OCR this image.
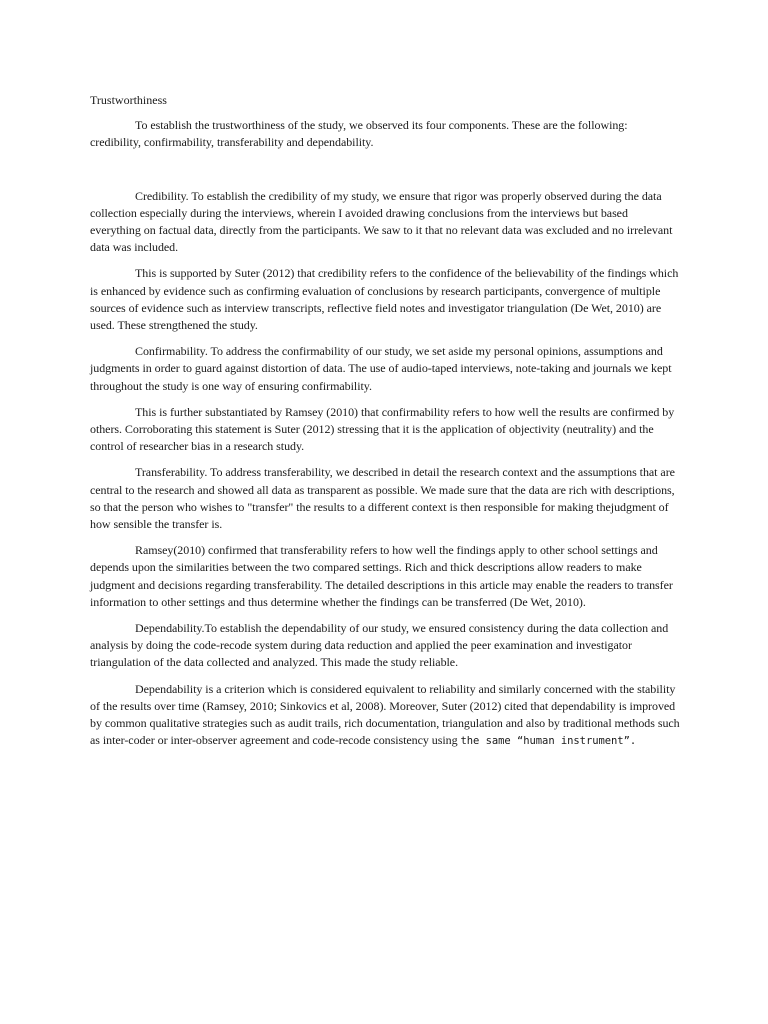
Trustworthiness

To establish the trustworthiness of the study, we observed its four components. These are the following: credibility, confirmability, transferability and dependability.

Credibility. To establish the credibility of my study, we ensure that rigor was properly observed during the data collection especially during the interviews, wherein I avoided drawing conclusions from the interviews but based everything on factual data, directly from the participants. We saw to it that no relevant data was excluded and no irrelevant data was included.

This is supported by Suter (2012) that credibility refers to the confidence of the believability of the findings which is enhanced by evidence such as confirming evaluation of conclusions by research participants, convergence of multiple sources of evidence such as interview transcripts, reflective field notes and investigator triangulation (De Wet, 2010) are used. These strengthened the study.

Confirmability. To address the confirmability of our study, we set aside my personal opinions, assumptions and judgments in order to guard against distortion of data. The use of audio-taped interviews, note-taking and journals we kept throughout the study is one way of ensuring confirmability.

This is further substantiated by Ramsey (2010) that confirmability refers to how well the results are confirmed by others. Corroborating this statement is Suter (2012) stressing that it is the application of objectivity (neutrality) and the control of researcher bias in a research study.

Transferability. To address transferability, we described in detail the research context and the assumptions that are central to the research and showed all data as transparent as possible. We made sure that the data are rich with descriptions, so that the person who wishes to "transfer" the results to a different context is then responsible for making thejudgment of how sensible the transfer is.

Ramsey(2010) confirmed that transferability refers to how well the findings apply to other school settings and depends upon the similarities between the two compared settings. Rich and thick descriptions allow readers to make judgment and decisions regarding transferability. The detailed descriptions in this article may enable the readers to transfer information to other settings and thus determine whether the findings can be transferred (De Wet, 2010).

Dependability.To establish the dependability of our study, we ensured consistency during the data collection and analysis by doing the code-recode system during data reduction and applied the peer examination and investigator triangulation of the data collected and analyzed. This made the study reliable.

Dependability is a criterion which is considered equivalent to reliability and similarly concerned with the stability of the results over time (Ramsey, 2010; Sinkovics et al, 2008). Moreover, Suter (2012) cited that dependability is improved by common qualitative strategies such as audit trails, rich documentation, triangulation and also by traditional methods such as inter-coder or inter-observer agreement and code-recode consistency using the same “human instrument”.
